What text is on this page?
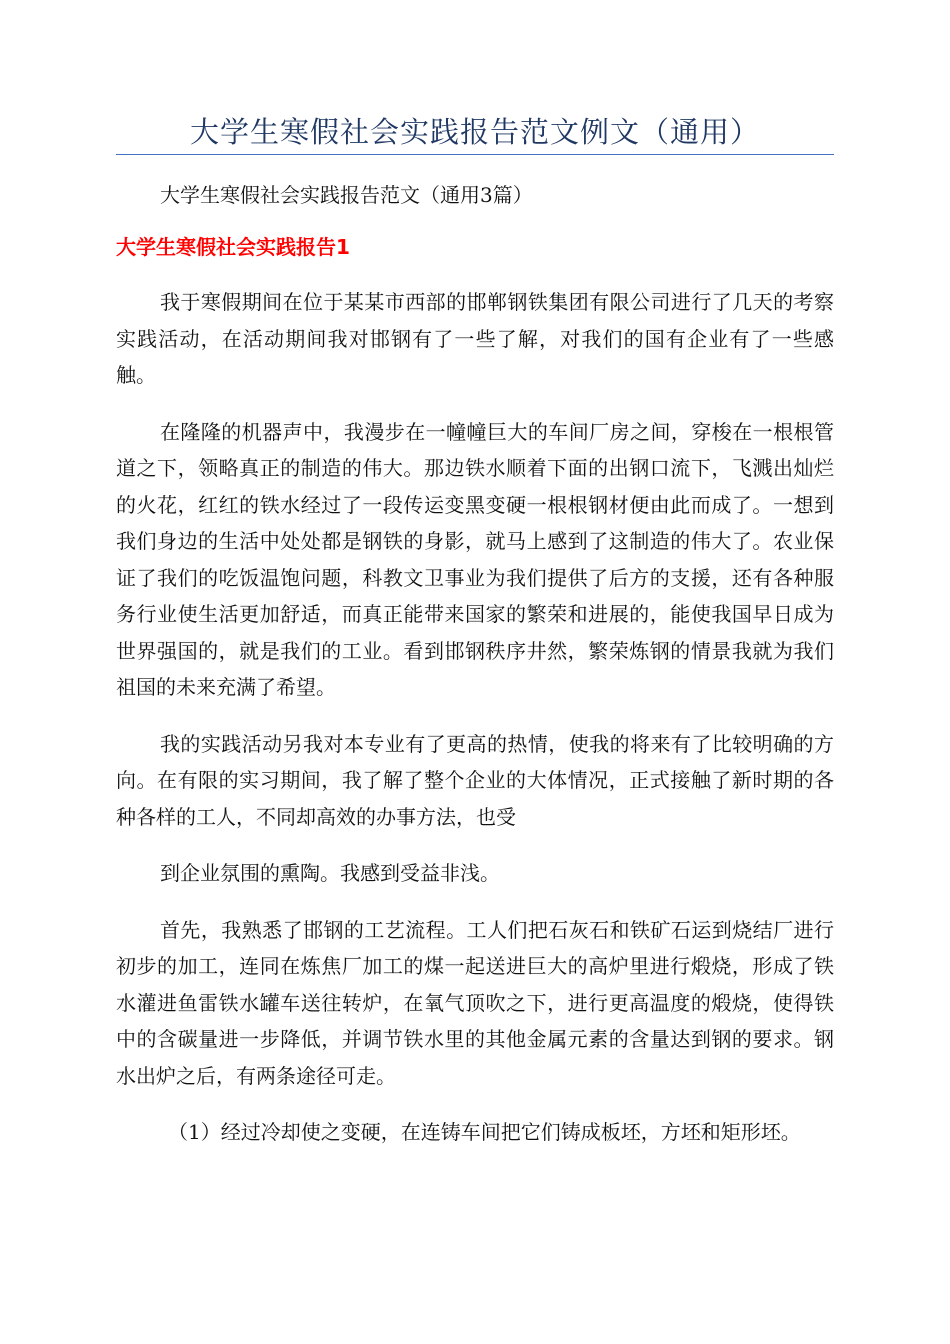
大学生寒假社会实践报告范文例文（通用）
大学生寒假社会实践报告范文（通用3篇）
大学生寒假社会实践报告1

我于寒假期间在位于某某市西部的邯郸钢铁集团有限公司进行了几天的考察实践活动，在活动期间我对邯钢有了一些了解，对我们的国有企业有了一些感触。

在隆隆的机器声中，我漫步在一幢幢巨大的车间厂房之间，穿梭在一根根管道之下，领略真正的制造的伟大。那边铁水顺着下面的出钢口流下，飞溅出灿烂的火花，红红的铁水经过了一段传运变黑变硬一根根钢材便由此而成了。一想到我们身边的生活中处处都是钢铁的身影，就马上感到了这制造的伟大了。农业保证了我们的吃饭温饱问题，科教文卫事业为我们提供了后方的支援，还有各种服务行业使生活更加舒适，而真正能带来国家的繁荣和进展的，能使我国早日成为世界强国的，就是我们的工业。看到邯钢秩序井然，繁荣炼钢的情景我就为我们祖国的未来充满了希望。

我的实践活动另我对本专业有了更高的热情，使我的将来有了比较明确的方向。在有限的实习期间，我了解了整个企业的大体情况，正式接触了新时期的各种各样的工人，不同却高效的办事方法，也受

到企业氛围的熏陶。我感到受益非浅。

首先，我熟悉了邯钢的工艺流程。工人们把石灰石和铁矿石运到烧结厂进行初步的加工，连同在炼焦厂加工的煤一起送进巨大的高炉里进行煅烧，形成了铁水灌进鱼雷铁水罐车送往转炉，在氧气顶吹之下，进行更高温度的煅烧，使得铁中的含碳量进一步降低，并调节铁水里的其他金属元素的含量达到钢的要求。钢水出炉之后，有两条途径可走。

（1）经过冷却使之变硬，在连铸车间把它们铸成板坯，方坯和矩形坯。
